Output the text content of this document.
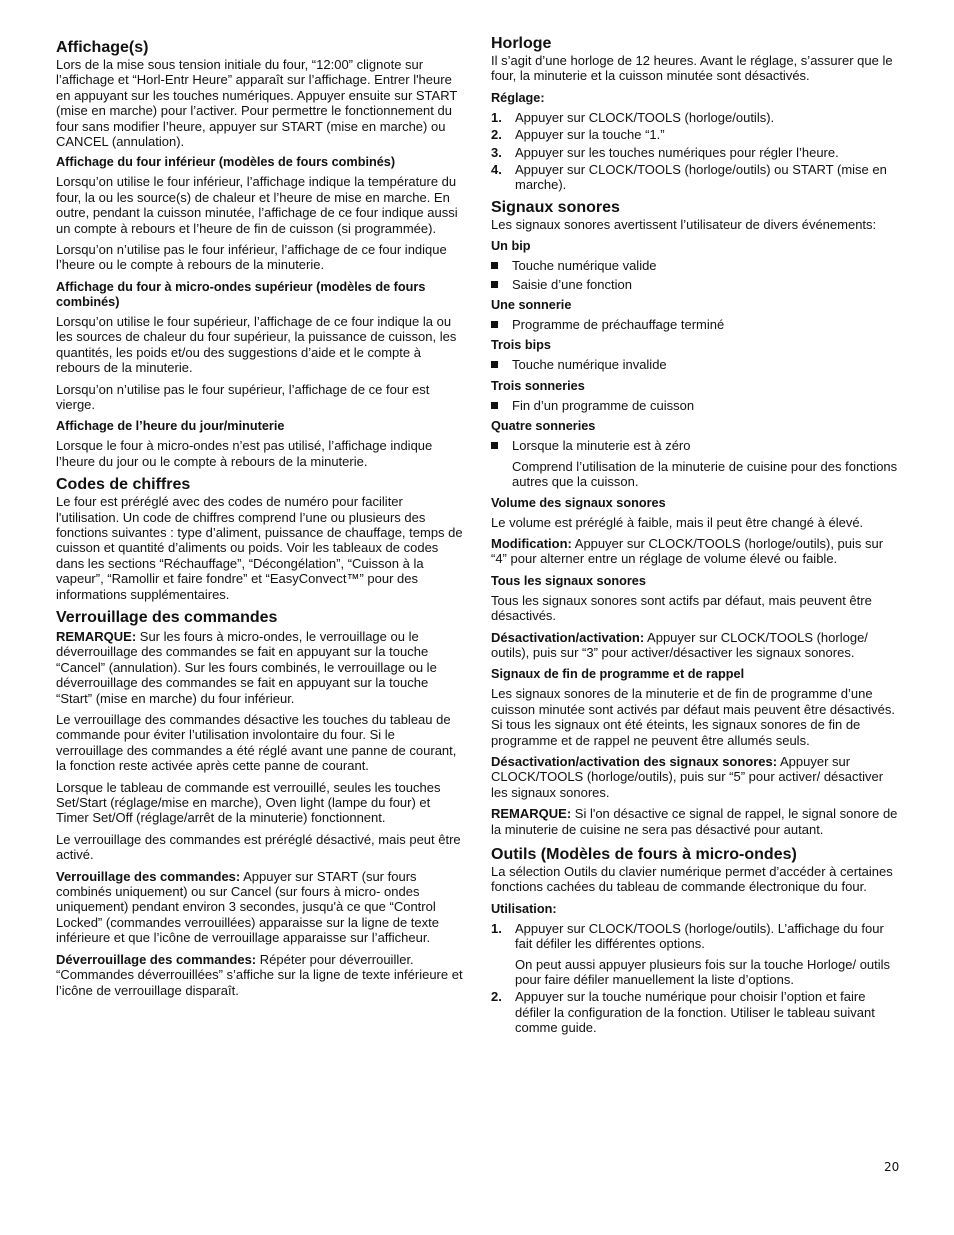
Affichage(s)

Lors de la mise sous tension initiale du four, “12:00” clignote sur l’affichage et “Horl-Entr Heure” apparaît sur l’affichage. Entrer l'heure en appuyant sur les touches numériques. Appuyer ensuite sur START (mise en marche) pour l’activer. Pour permettre le fonctionnement du four sans modifier l’heure, appuyer sur START (mise en marche) ou CANCEL (annulation).

Affichage du four inférieur (modèles de fours combinés)

Lorsqu’on utilise le four inférieur, l’affichage indique la température du four, la ou les source(s) de chaleur et l’heure de mise en marche. En outre, pendant la cuisson minutée, l’affichage de ce four indique aussi un compte à rebours et l’heure de fin de cuisson (si programmée).

Lorsqu’on n’utilise pas le four inférieur, l’affichage de ce four indique l’heure ou le compte à rebours de la minuterie.

Affichage du four à micro-ondes supérieur (modèles de fours combinés)

Lorsqu’on utilise le four supérieur, l’affichage de ce four indique la ou les sources de chaleur du four supérieur, la puissance de cuisson, les quantités, les poids et/ou des suggestions d’aide et le compte à rebours de la minuterie.

Lorsqu’on n’utilise pas le four supérieur, l’affichage de ce four est vierge.

Affichage de l’heure du jour/minuterie

Lorsque le four à micro-ondes n’est pas utilisé, l’affichage indique l’heure du jour ou le compte à rebours de la minuterie.

Codes de chiffres

Le four est préréglé avec des codes de numéro pour faciliter l'utilisation. Un code de chiffres comprend l’une ou plusieurs des fonctions suivantes : type d’aliment, puissance de chauffage, temps de cuisson et quantité d’aliments ou poids. Voir les tableaux de codes dans les sections “Réchauffage”, “Décongélation”, “Cuisson à la vapeur”, “Ramollir et faire fondre” et “EasyConvect™” pour des informations supplémentaires.

Verrouillage des commandes

REMARQUE: Sur les fours à micro-ondes, le verrouillage ou le déverrouillage des commandes se fait en appuyant sur la touche “Cancel” (annulation). Sur les fours combinés, le verrouillage ou le déverrouillage des commandes se fait en appuyant sur la touche “Start” (mise en marche) du four inférieur.

Le verrouillage des commandes désactive les touches du tableau de commande pour éviter l’utilisation involontaire du four. Si le verrouillage des commandes a été réglé avant une panne de courant, la fonction reste activée après cette panne de courant.

Lorsque le tableau de commande est verrouillé, seules les touches Set/Start (réglage/mise en marche), Oven light (lampe du four) et Timer Set/Off (réglage/arrêt de la minuterie) fonctionnent.

Le verrouillage des commandes est préréglé désactivé, mais peut être activé.

Verrouillage des commandes: Appuyer sur START (sur fours combinés uniquement) ou sur Cancel (sur fours à micro- ondes uniquement) pendant environ 3 secondes, jusqu'à ce que “Control Locked” (commandes verrouillées) apparaisse sur la ligne de texte inférieure et que l’icône de verrouillage apparaisse sur l’afficheur.

Déverrouillage des commandes: Répéter pour déverrouiller. “Commandes déverrouillées” s’affiche sur la ligne de texte inférieure et l’icône de verrouillage disparaît.

Horloge

Il s’agit d’une horloge de 12 heures. Avant le réglage, s’assurer que le four, la minuterie et la cuisson minutée sont désactivés.

Réglage:
1. Appuyer sur CLOCK/TOOLS (horloge/outils).
2. Appuyer sur la touche “1.”
3. Appuyer sur les touches numériques pour régler l’heure.
4. Appuyer sur CLOCK/TOOLS (horloge/outils) ou START (mise en marche).
Signaux sonores

Les signaux sonores avertissent l’utilisateur de divers événements:

Un bip
Touche numérique valide
Saisie d’une fonction
Une sonnerie
Programme de préchauffage terminé
Trois bips
Touche numérique invalide
Trois sonneries
Fin d’un programme de cuisson
Quatre sonneries
Lorsque la minuterie est à zéro
Comprend l’utilisation de la minuterie de cuisine pour des fonctions autres que la cuisson.
Volume des signaux sonores

Le volume est préréglé à faible, mais il peut être changé à élevé.

Modification: Appuyer sur CLOCK/TOOLS (horloge/outils), puis sur “4” pour alterner entre un réglage de volume élevé ou faible.

Tous les signaux sonores

Tous les signaux sonores sont actifs par défaut, mais peuvent être désactivés.

Désactivation/activation: Appuyer sur CLOCK/TOOLS (horloge/ outils), puis sur “3” pour activer/désactiver les signaux sonores.

Signaux de fin de programme et de rappel

Les signaux sonores de la minuterie et de fin de programme d’une cuisson minutée sont activés par défaut mais peuvent être désactivés. Si tous les signaux ont été éteints, les signaux sonores de fin de programme et de rappel ne peuvent être allumés seuls.

Désactivation/activation des signaux sonores: Appuyer sur CLOCK/TOOLS (horloge/outils), puis sur “5” pour activer/ désactiver les signaux sonores.

REMARQUE: Si l'on désactive ce signal de rappel, le signal sonore de la minuterie de cuisine ne sera pas désactivé pour autant.

Outils (Modèles de fours à micro-ondes)

La sélection Outils du clavier numérique permet d’accéder à certaines fonctions cachées du tableau de commande électronique du four.

Utilisation:
1. Appuyer sur CLOCK/TOOLS (horloge/outils). L’affichage du four fait défiler les différentes options.
On peut aussi appuyer plusieurs fois sur la touche Horloge/ outils pour faire défiler manuellement la liste d’options.
2. Appuyer sur la touche numérique pour choisir l’option et faire défiler la configuration de la fonction. Utiliser le tableau suivant comme guide.
20
